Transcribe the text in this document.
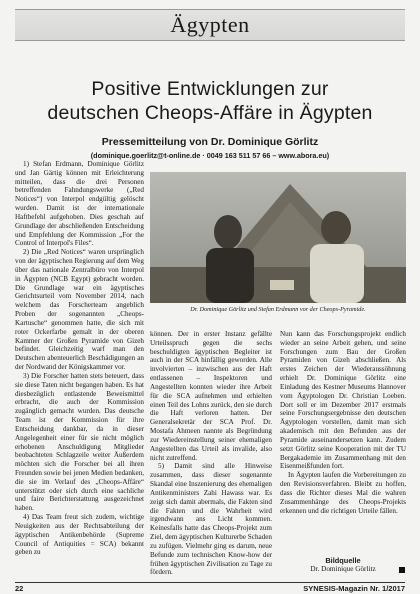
Ägypten
Positive Entwicklungen zur
deutschen Cheops-Affäre in Ägypten
Pressemitteilung von Dr. Dominique Görlitz
(dominique.goerlitz@t-online.de · 0049 163 511 57 66 – www.abora.eu)

1) Stefan Erdmann, Dominique Görlitz und Jan Gärtig können mit Erleichterung mitteilen, dass die drei Personen betreffenden Fahndungswerke („Red Notices“) von Interpol endgültig gelöscht wurden. Damit ist der internationale Haftbefehl aufgehoben. Dies geschah auf Grundlage der abschließenden Entscheidung und Empfehlung der Kommission „For the Control of Interpol's Files“.

2) Die „Red Notices“ waren ursprünglich von der ägyptischen Regierung auf dem Weg über das nationale Zentralbüro von Interpol in Ägypten (NCB Egypt) gebracht worden. Die Grundlage war ein ägyptisches Gerichtsurteil vom November 2014, nach welchem das Forscherteam angeblich Proben der sogenannten „Cheops-Kartusche“ genommen hatte, die sich mit roter Ockerfarbe gemalt in der oberen Kammer der Großen Pyramide von Gizeh befindet. Gleichzeitig warf man den Deutschen abenteuerlich Beschädigungen an der Nordwand der Königskammer vor.

3) Die Forscher hatten stets beteuert, dass sie diese Taten nicht begangen haben. Es hat diesbezüglich entlastende Beweismittel erbracht, die auch der Kommission zugänglich gemacht wurden. Das deutsche Team ist der Kommission für ihre Entscheidung dankbar, da in dieser Angelegenheit einer für sie nicht möglich erhobenen Anschuldigung Mitglieder beobachteten Schlagzeile weiter Äußerdem möchten sich die Forscher bei all ihren Freunden sowie bei jenen Medien bedanken, die sie im Verlauf des „Cheops-Affäre“ unterstützt oder sich durch eine sachliche und faire Berichterstattung ausgezeichnet haben.

4) Das Team freut sich zudem, wichtige Neuigkeiten aus der Rechtsabteilung der ägyptischen Antikenbehörde (Supreme Council of Antiquities = SCA) bekannt geben zu

Dr. Dominique Görlitz und Stefan Erdmann vor der Cheops-Pyramide.

können. Der in erster Instanz gefällte Urteilsspruch gegen die sechs beschuldigten ägyptischen Begleiter ist auch in der SCA hinfällig geworden. Alle involvierten – inzwischen aus der Haft entlassenen – Inspektoren und Angestellten konnten wieder ihre Arbeit für die SCA aufnehmen und erhielten einen Teil des Lohns zurück, den sie durch die Haft verloren hatten. Der Generalsekretär der SCA Prof. Dr. Mostafa Ahmeen nannte als Begründung zur Wiedereinstellung seiner ehemaligen Angestellten das Urteil als invalide, also nicht zutreffend.

5) Damit sind alle Hinweise zusammen, dass dieser sogenannte Skandal eine Inszenierung des ehemaligen Antikenministers Zahi Hawass war. Es zeigt sich damit abermals, die Fakten sind die Fakten und die Wahrheit wird irgendwann ans Licht kommen. Keinesfalls hatte das Cheops-Projekt zum Ziel, dem ägyptischen Kulturerbe Schaden zu zufügen. Vielmehr ging es darum, neue Befunde zum technischen Know-how der frühen ägyptischen Zivilisation zu Tage zu fördern.

Nun kann das Forschungsprojekt endlich wieder an seine Arbeit gehen, und seine Forschungen zum Bau der Großen Pyramiden von Gizeh abschließen. Als erstes Zeichen der Wiederaussöhnung erhielt Dr. Dominique Görlitz eine Einladung des Kestner Museums Hannover vom Ägyptologen Dr. Christian Loeben. Dort soll er im Dezember 2017 erstmals seine Forschungsergebnisse den deutschen Ägyptologen vorstellen, damit man sich akademisch mit den Befunden aus der Pyramide auseinandersetzen kann. Zudem setzt Görlitz seine Kooperation mit der TU Bergakademie im Zusammenhang mit den Eisenmeißfunden fort.

In Ägypten laufen die Vorbereitungen zu den Revisionsverfahren. Bleibt zu hoffen, dass die Richter dieses Mal die wahren Zusammenhänge des Cheops-Projekts erkennen und die richtigen Urteile fällen.

Bildquelle
Dr. Dominique Görlitz
22	SYNESIS-Magazin Nr. 1/2017
